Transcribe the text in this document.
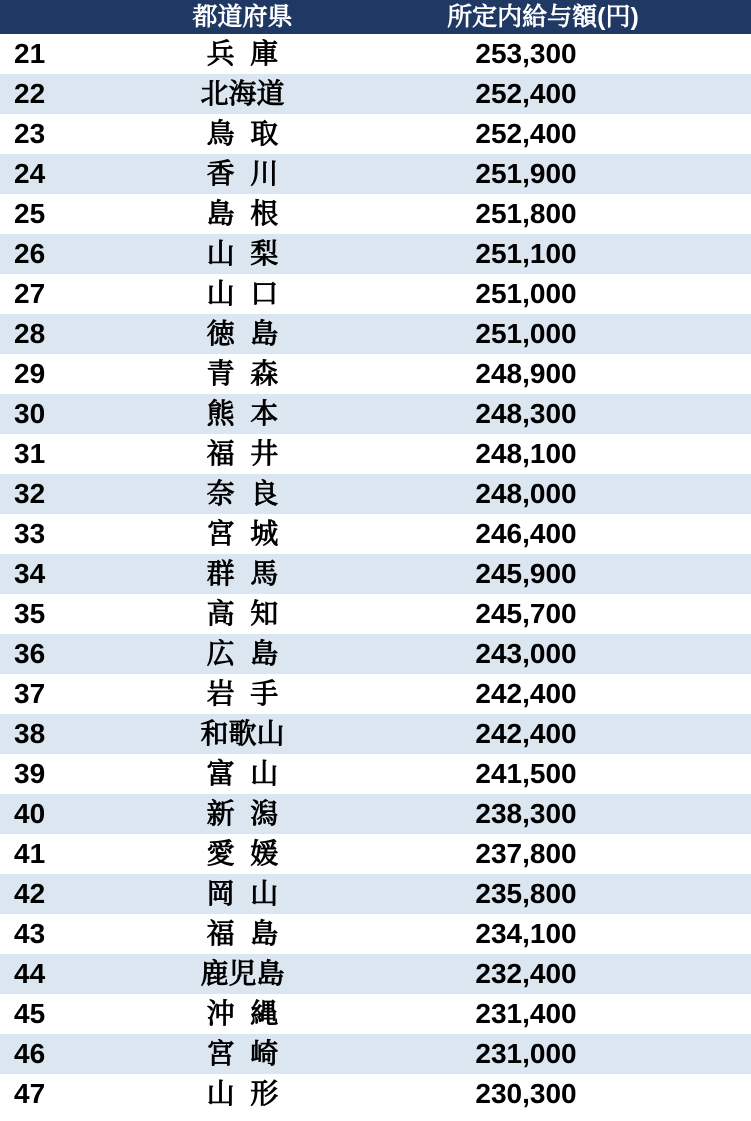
	都道府県	所定内給与額(円)
21	兵 庫	253,300
22	北海道	252,400
23	鳥 取	252,400
24	香 川	251,900
25	島 根	251,800
26	山 梨	251,100
27	山 口	251,000
28	徳 島	251,000
29	青 森	248,900
30	熊 本	248,300
31	福 井	248,100
32	奈 良	248,000
33	宮 城	246,400
34	群 馬	245,900
35	高 知	245,700
36	広 島	243,000
37	岩 手	242,400
38	和歌山	242,400
39	富 山	241,500
40	新 潟	238,300
41	愛 媛	237,800
42	岡 山	235,800
43	福 島	234,100
44	鹿児島	232,400
45	沖 縄	231,400
46	宮 崎	231,000
47	山 形	230,300
